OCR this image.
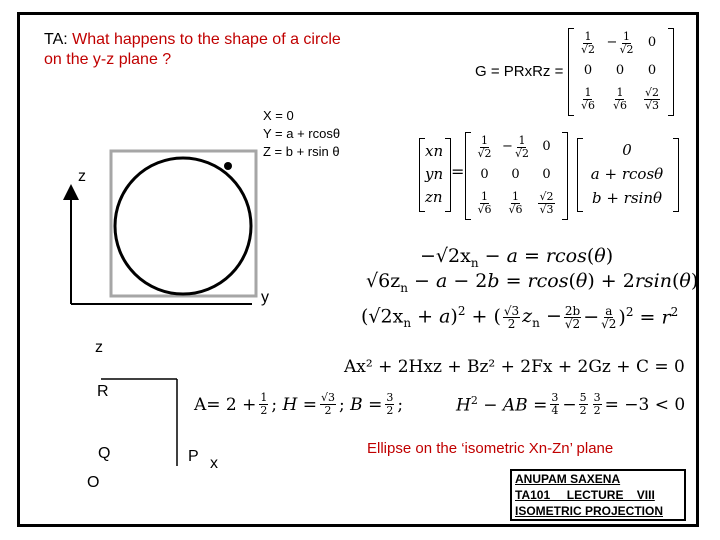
TA: What happens to the shape of a circle
on the y-z plane ?
G = PRxRz =
$\frac{1}{√2} - \frac{1}{√2} 0$
0 0 0
$\frac{1}{√6} \frac{1}{√6} \frac{√2}{√3}$
X = 0
Y = a + rcosθ
Z = b + rsin θ	xn
yn
zn
=
$\frac{1}{√2} - \frac{1}{√2} 0$
0 0 0
$\frac{1}{√6} \frac{1}{√6} \frac{√2}{√3}$
0
a + rcosθ
b + rsinθ
z
y
$-√2x_n - a = rcos(\theta)$
$√6z_n - a - 2b = rcos(\theta) + 2rsin(\theta)$
$(√2x_n + a)^2$ + ( $\frac{√3}{2} z_n - \frac{2b}{√2} - \frac{a}{√2} )^2 = r^2$
Ax² + 2Hxz + Bz² + 2Fx + 2Gz + C = 0
$A= 2 + \frac{1}{2}$ ; $H = \frac{√3}{2}$ ; $B = \frac{3}{2}$ ;	$H^2$ − AB = $\frac{3}{4} - \frac{5}{2} \frac{3}{2} = -3 < 0$
z
R
Q
O
P x
Ellipse on the ‘isometric Xn-Zn’ plane
ANUPAM SAXENA
TA101     LECTURE    VIII
ISOMETRIC PROJECTION
